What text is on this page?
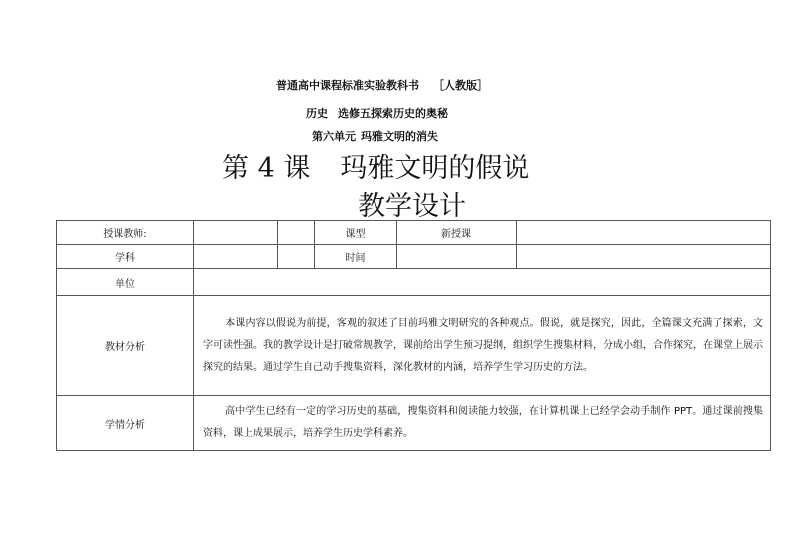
普通高中课程标准实验教科书 ［人教版］
历史 选修五探索历史的奥秘
第六单元 玛雅文明的消失
第 4 课 玛雅文明的假说
教学设计
授课教师:			课型	新授课	
学科			时间		
单位					
教材分析	本课内容以假说为前提，客观的叙述了目前玛雅文明研究的各种观点。假说，就是探究，因此，全篇课文充满了探索，文字可读性强。我的教学设计是打破常规教学，课前给出学生预习提纲，组织学生搜集材料，分成小组，合作探究，在课堂上展示探究的结果。通过学生自己动手搜集资料，深化教材的内涵，培养学生学习历史的方法。				
学情分析	高中学生已经有一定的学习历史的基础，搜集资料和阅读能力较强，在计算机课上已经学会动手制作 PPT。通过课前搜集资料，课上成果展示，培养学生历史学科素养。				
